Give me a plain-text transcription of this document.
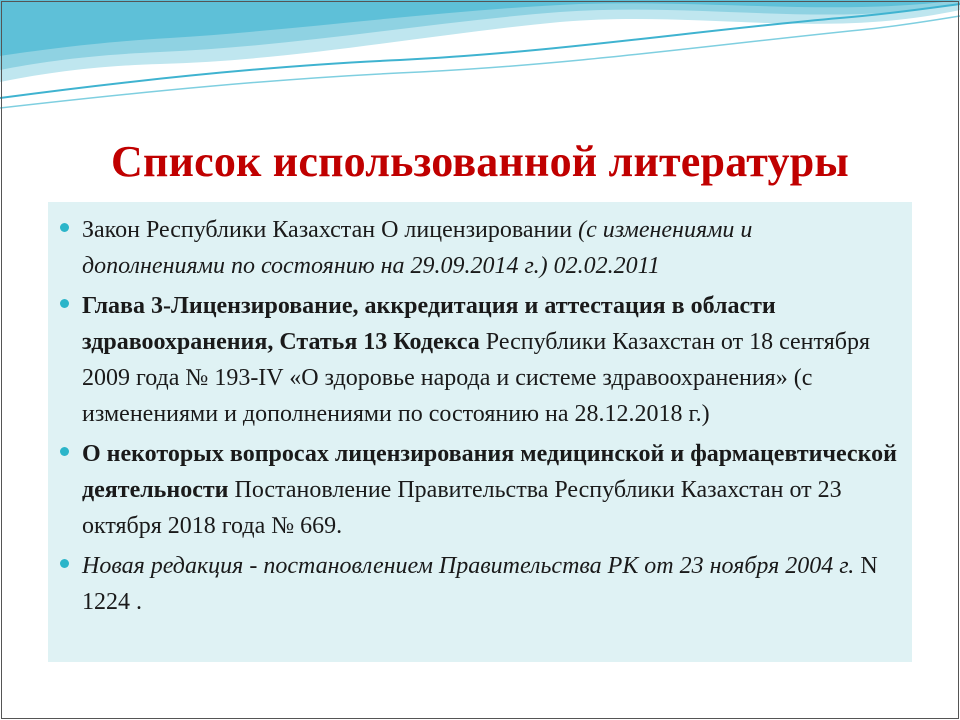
Список использованной литературы
Закон Республики Казахстан О лицензировании (с изменениями и дополнениями по состоянию на 29.09.2014 г.) 02.02.2011
Глава 3-Лицензирование, аккредитация и аттестация в области здравоохранения, Статья 13 Кодекса Республики Казахстан от 18 сентября 2009 года № 193-IV «О здоровье народа и системе здравоохранения» (с изменениями и дополнениями по состоянию на 28.12.2018 г.)
О некоторых вопросах лицензирования медицинской и фармацевтической деятельности Постановление Правительства Республики Казахстан от 23 октября 2018 года № 669.
Новая редакция - постановлением Правительства РК от 23 ноября 2004 г. N 1224 .
